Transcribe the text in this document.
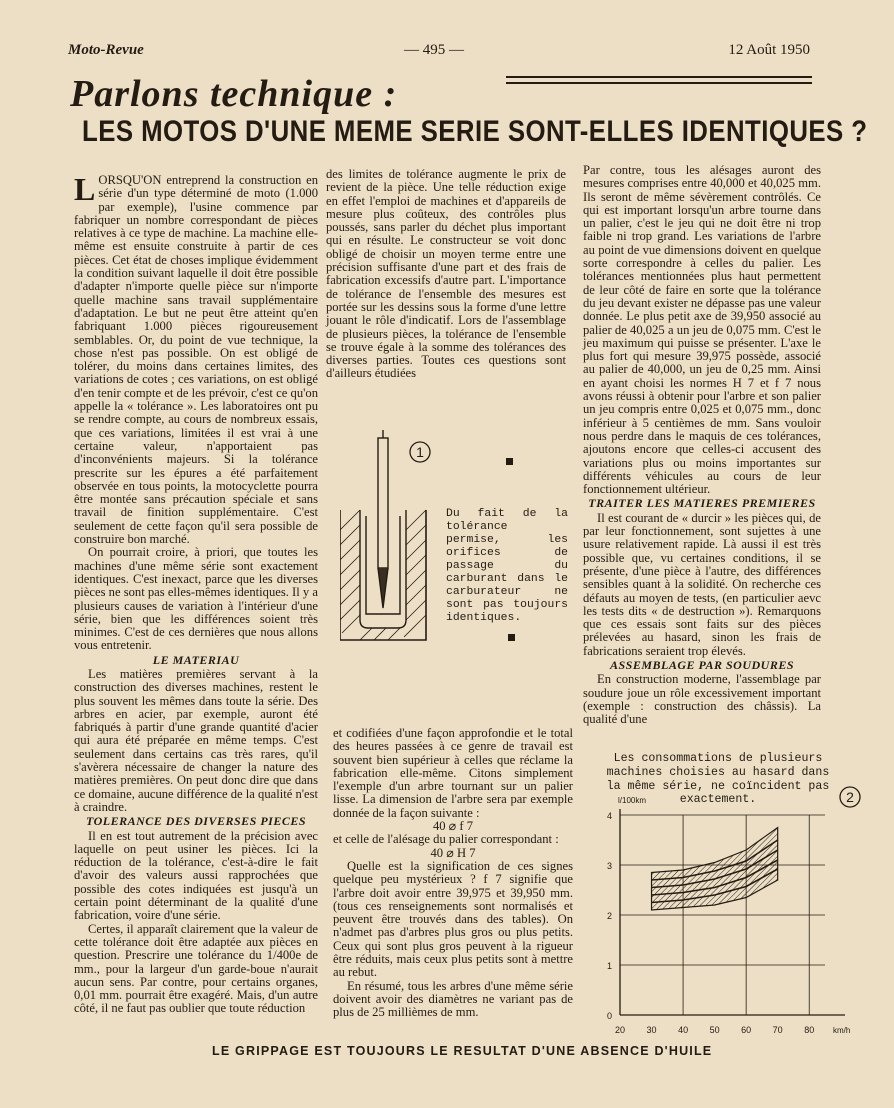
Moto-Revue	— 495 —	12 Août 1950
Parlons technique :
LES MOTOS D'UNE MEME SERIE SONT-ELLES IDENTIQUES ?

LORSQU'ON entreprend la construction en série d'un type déterminé de moto (1.000 par exemple), l'usine commence par fabriquer un nombre correspondant de pièces relatives à ce type de machine. La machine elle-même est ensuite construite à partir de ces pièces. Cet état de choses implique évidemment la condition suivant laquelle il doit être possible d'adapter n'importe quelle pièce sur n'importe quelle machine sans travail supplémentaire d'adaptation. Le but ne peut être atteint qu'en fabriquant 1.000 pièces rigoureusement semblables. Or, du point de vue technique, la chose n'est pas possible. On est obligé de tolérer, du moins dans certaines limites, des variations de cotes ; ces variations, on est obligé d'en tenir compte et de les prévoir, c'est ce qu'on appelle la « tolérance ». Les laboratoires ont pu se rendre compte, au cours de nombreux essais, que ces variations, limitées il est vrai à une certaine valeur, n'apportaient pas d'inconvénients majeurs. Si la tolérance prescrite sur les épures a été parfaitement observée en tous points, la motocyclette pourra être montée sans précaution spéciale et sans travail de finition supplémentaire. C'est seulement de cette façon qu'il sera possible de construire bon marché.

On pourrait croire, à priori, que toutes les machines d'une même série sont exactement identiques. C'est inexact, parce que les diverses pièces ne sont pas elles-mêmes identiques. Il y a plusieurs causes de variation à l'intérieur d'une série, bien que les différences soient très minimes. C'est de ces dernières que nous allons vous entretenir.

LE MATERIAU

Les matières premières servant à la construction des diverses machines, restent le plus souvent les mêmes dans toute la série. Des arbres en acier, par exemple, auront été fabriqués à partir d'une grande quantité d'acier qui aura été préparée en même temps. C'est seulement dans certains cas très rares, qu'il s'avèrera nécessaire de changer la nature des matières premières. On peut donc dire que dans ce domaine, aucune différence de la qualité n'est à craindre.

TOLERANCE DES DIVERSES PIECES

Il en est tout autrement de la précision avec laquelle on peut usiner les pièces. Ici la réduction de la tolérance, c'est-à-dire le fait d'avoir des valeurs aussi rapprochées que possible des cotes indiquées est jusqu'à un certain point déterminant de la qualité d'une fabrication, voire d'une série.

Certes, il apparaît clairement que la valeur de cette tolérance doit être adaptée aux pièces en question. Prescrire une tolérance du 1/400e de mm., pour la largeur d'un garde-boue n'aurait aucun sens. Par contre, pour certains organes, 0,01 mm. pourrait être exagéré. Mais, d'un autre côté, il ne faut pas oublier que toute réduction

des limites de tolérance augmente le prix de revient de la pièce. Une telle réduction exige en effet l'emploi de machines et d'appareils de mesure plus coûteux, des contrôles plus poussés, sans parler du déchet plus important qui en résulte. Le constructeur se voit donc obligé de choisir un moyen terme entre une précision suffisante d'une part et des frais de fabrication excessifs d'autre part. L'importance de tolérance de l'ensemble des mesures est portée sur les dessins sous la forme d'une lettre jouant le rôle d'indicatif. Lors de l'assemblage de plusieurs pièces, la tolérance de l'ensemble se trouve égale à la somme des tolérances des diverses parties. Toutes ces questions sont d'ailleurs étudiées

1
Du fait de la tolérance permise, les orifices de passage du carburant dans le carburateur ne sont pas toujours identiques.

et codifiées d'une façon approfondie et le total des heures passées à ce genre de travail est souvent bien supérieur à celles que réclame la fabrication elle-même. Citons simplement l'exemple d'un arbre tournant sur un palier lisse. La dimension de l'arbre sera par exemple donnée de la façon suivante :

40 ⌀ f 7

et celle de l'alésage du palier correspondant :

40 ⌀ H 7

Quelle est la signification de ces signes quelque peu mystérieux ? f 7 signifie que l'arbre doit avoir entre 39,975 et 39,950 mm. (tous ces renseignements sont normalisés et peuvent être trouvés dans des tables). On n'admet pas d'arbres plus gros ou plus petits. Ceux qui sont plus gros peuvent à la rigueur être réduits, mais ceux plus petits sont à mettre au rebut.

En résumé, tous les arbres d'une même série doivent avoir des diamètres ne variant pas de plus de 25 millièmes de mm.

Par contre, tous les alésages auront des mesures comprises entre 40,000 et 40,025 mm. Ils seront de même sévèrement contrôlés. Ce qui est important lorsqu'un arbre tourne dans un palier, c'est le jeu qui ne doit être ni trop faible ni trop grand. Les variations de l'arbre au point de vue dimensions doivent en quelque sorte correspondre à celles du palier. Les tolérances mentionnées plus haut permettent de leur côté de faire en sorte que la tolérance du jeu devant exister ne dépasse pas une valeur donnée. Le plus petit axe de 39,950 associé au palier de 40,025 a un jeu de 0,075 mm. C'est le jeu maximum qui puisse se présenter. L'axe le plus fort qui mesure 39,975 possède, associé au palier de 40,000, un jeu de 0,25 mm. Ainsi en ayant choisi les normes H 7 et f 7 nous avons réussi à obtenir pour l'arbre et son palier un jeu compris entre 0,025 et 0,075 mm., donc inférieur à 5 centièmes de mm. Sans vouloir nous perdre dans le maquis de ces tolérances, ajoutons encore que celles-ci accusent des variations plus ou moins importantes sur différents véhicules au cours de leur fonctionnement ultérieur.

TRAITER LES MATIERES PREMIERES

Il est courant de « durcir » les pièces qui, de par leur fonctionnement, sont sujettes à une usure relativement rapide. Là aussi il est très possible que, vu certaines conditions, il se présente, d'une pièce à l'autre, des différences sensibles quant à la solidité. On recherche ces défauts au moyen de tests, (en particulier aevc les tests dits « de destruction »). Remarquons que ces essais sont faits sur des pièces prélevées au hasard, sinon les frais de fabrications seraient trop élevés.

ASSEMBLAGE PAR SOUDURES

En construction moderne, l'assemblage par soudure joue un rôle excessivement important (exemple : construction des châssis). La qualité d'une

Les consommations de plusieurs machines choisies au hasard dans la même série, ne coïncident pas exactement.
0
1
2
3
4
20 30 40 50 60 70 80
l/100km
km/h
2
LE GRIPPAGE EST TOUJOURS LE RESULTAT D'UNE ABSENCE D'HUILE
